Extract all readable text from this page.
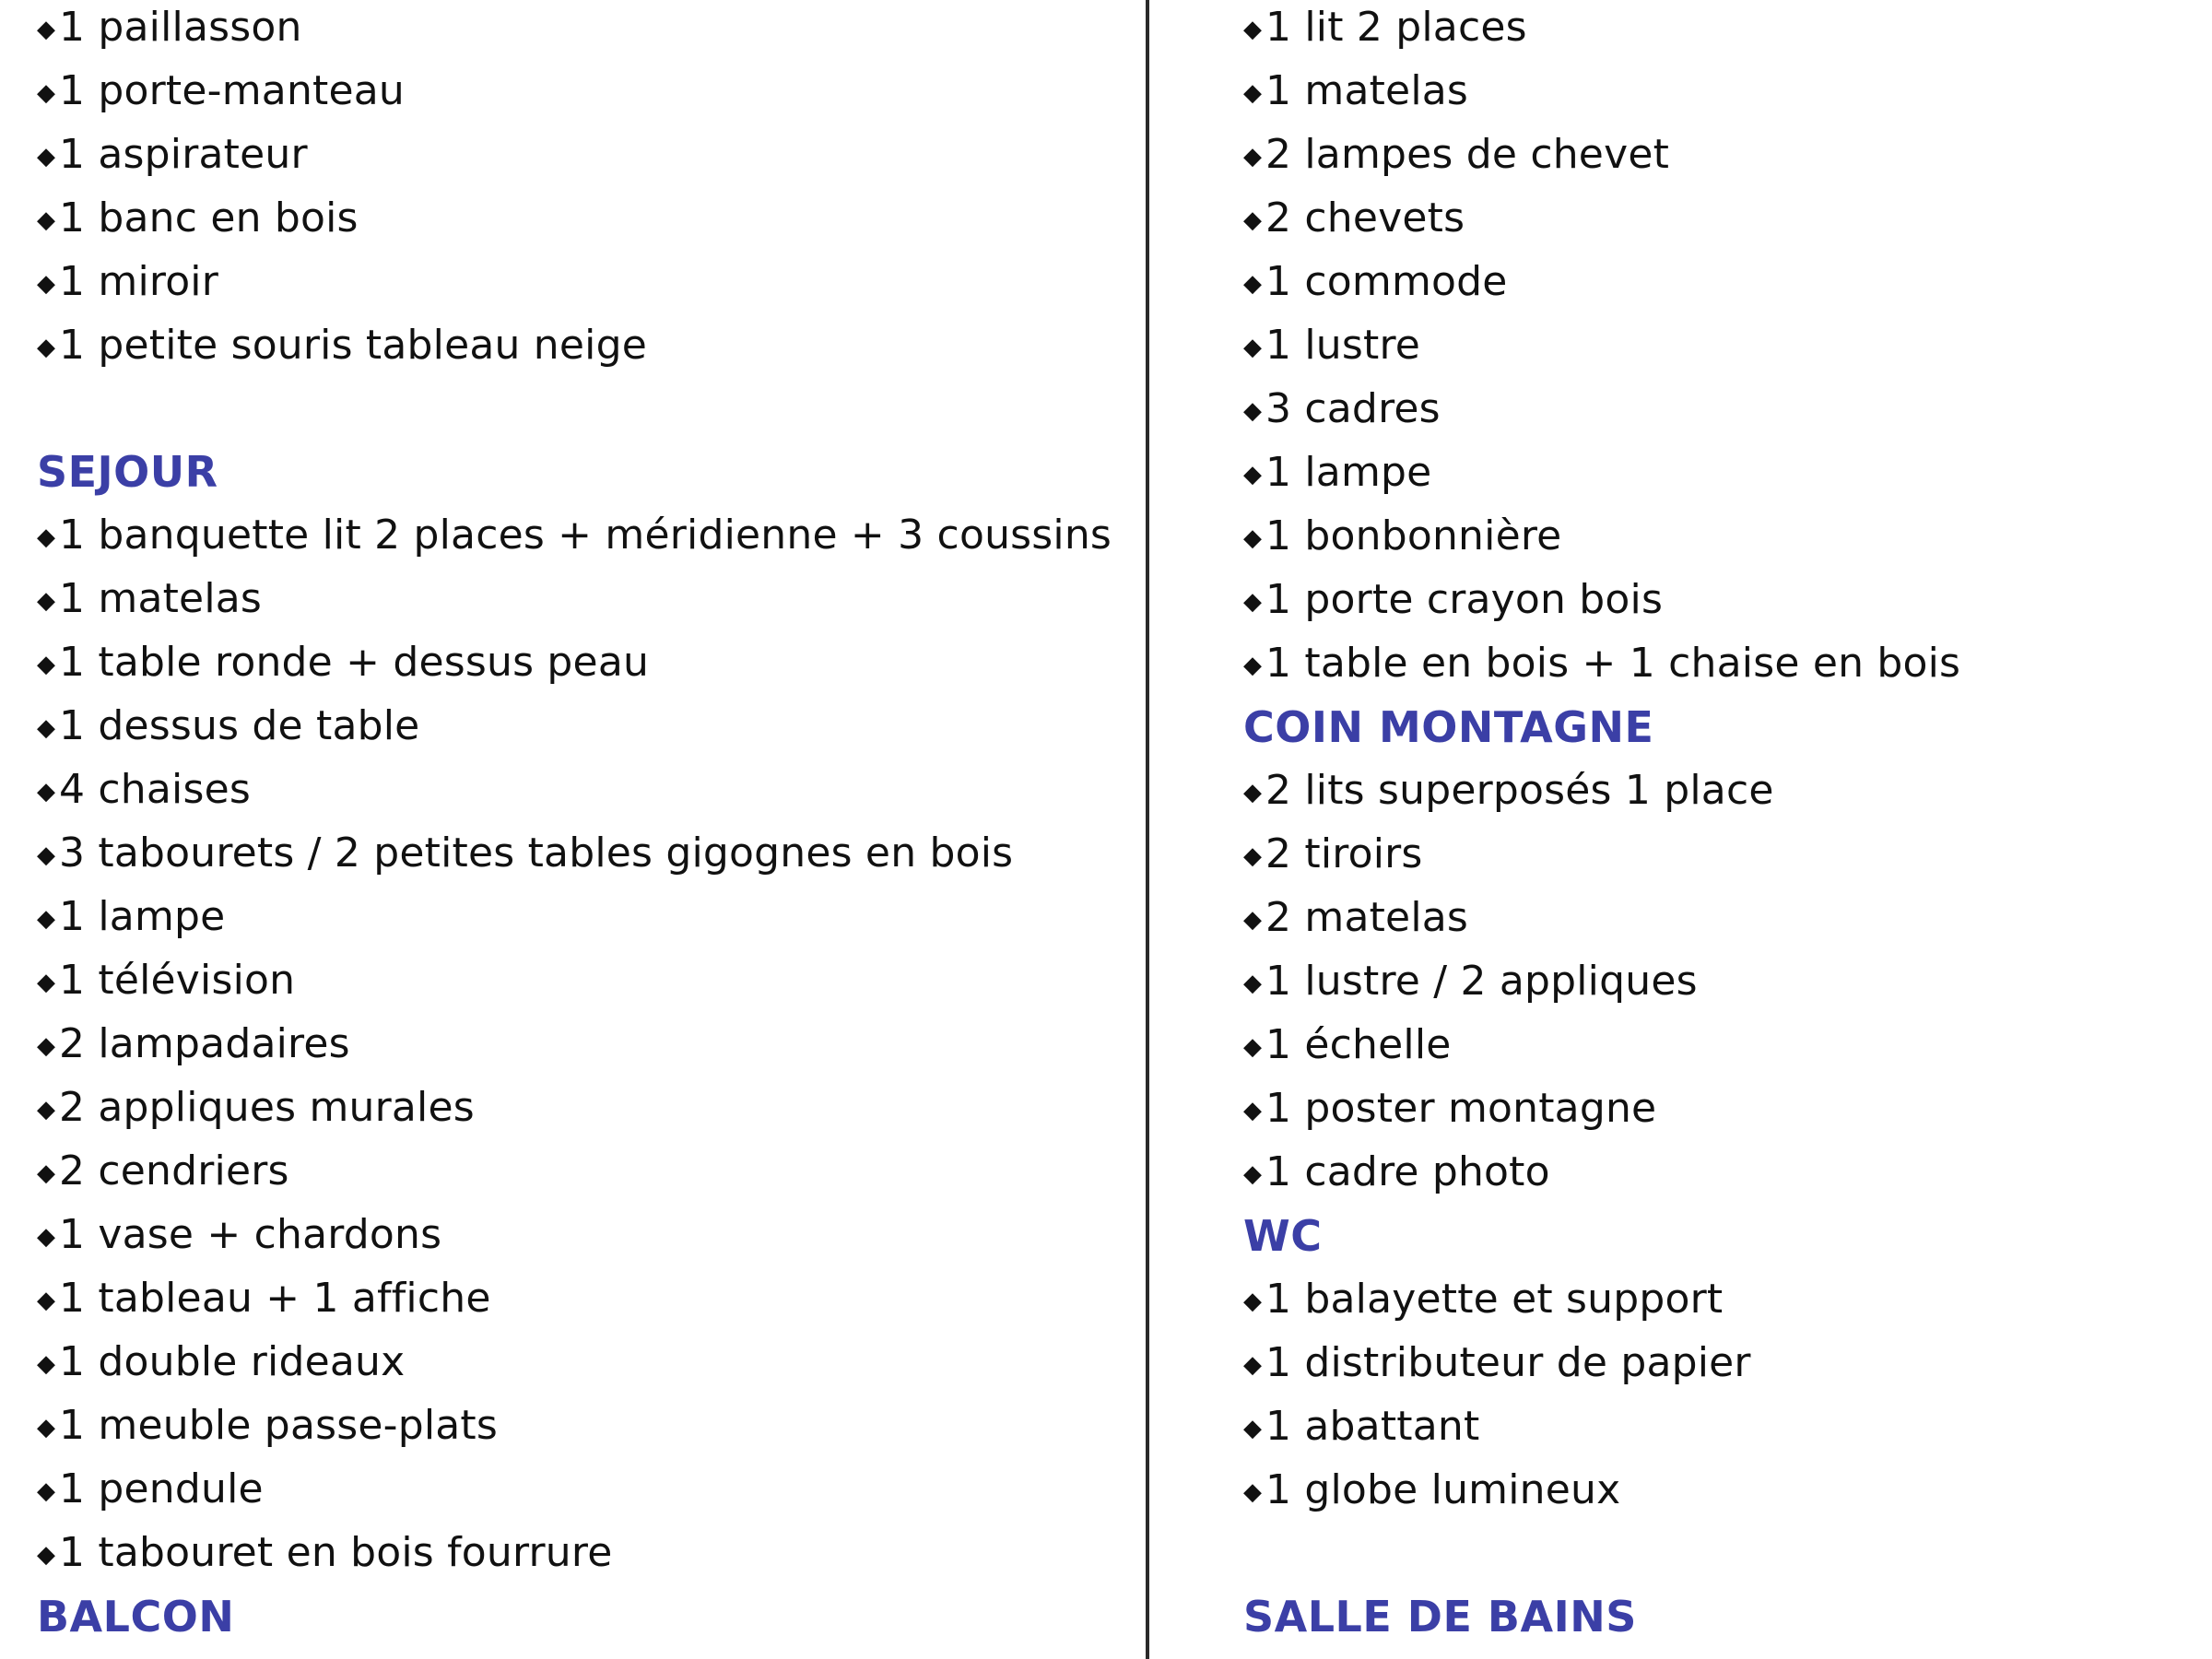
◆1 paillasson
◆1 porte-manteau
◆1 aspirateur
◆1 banc en bois
◆1 miroir
◆1 petite souris tableau neige
SEJOUR
◆1 banquette lit 2 places + méridienne + 3 coussins
◆1 matelas
◆1 table ronde + dessus peau
◆1 dessus de table
◆4 chaises
◆3 tabourets / 2 petites tables gigognes en bois
◆1 lampe
◆1 télévision
◆2 lampadaires
◆2 appliques murales
◆2 cendriers
◆1 vase + chardons
◆1 tableau + 1 affiche
◆1 double rideaux
◆1 meuble passe-plats
◆1 pendule
◆1 tabouret en bois fourrure
BALCON
◆1 lit 2 places
◆1 matelas
◆2 lampes de chevet
◆2 chevets
◆1 commode
◆1 lustre
◆3 cadres
◆1 lampe
◆1 bonbonnière
◆1 porte crayon bois
◆1 table en bois + 1 chaise en bois
COIN MONTAGNE
◆2 lits superposés 1 place
◆2 tiroirs
◆2 matelas
◆1 lustre / 2 appliques
◆1 échelle
◆1 poster montagne
◆1 cadre photo
WC
◆1 balayette et support
◆1 distributeur de papier
◆1 abattant
◆1 globe lumineux
SALLE DE BAINS
